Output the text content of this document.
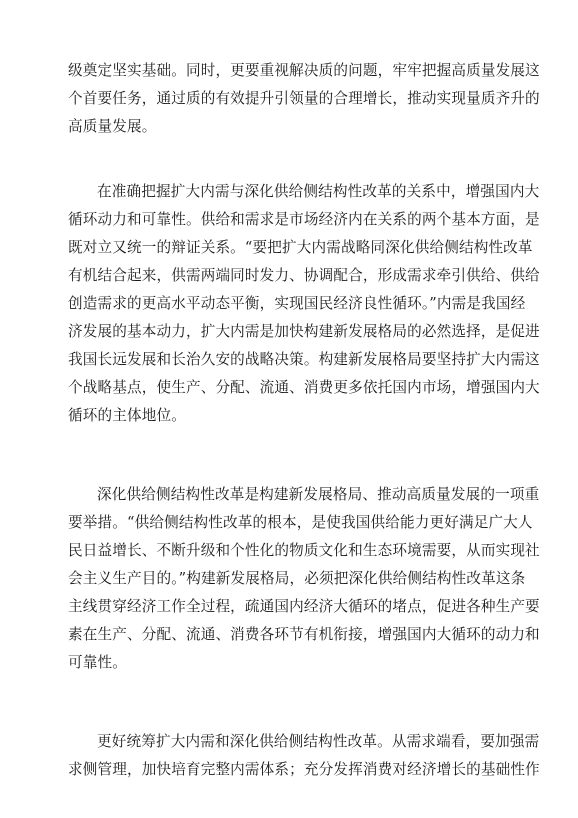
级奠定坚实基础。同时，更要重视解决质的问题，牢牢把握高质量发展这
个首要任务，通过质的有效提升引领量的合理增长，推动实现量质齐升的
高质量发展。
在准确把握扩大内需与深化供给侧结构性改革的关系中，增强国内大
循环动力和可靠性。供给和需求是市场经济内在关系的两个基本方面，是
既对立又统一的辩证关系。“要把扩大内需战略同深化供给侧结构性改革
有机结合起来，供需两端同时发力、协调配合，形成需求牵引供给、供给
创造需求的更高水平动态平衡，实现国民经济良性循环。”内需是我国经
济发展的基本动力，扩大内需是加快构建新发展格局的必然选择，是促进
我国长远发展和长治久安的战略决策。构建新发展格局要坚持扩大内需这
个战略基点，使生产、分配、流通、消费更多依托国内市场，增强国内大
循环的主体地位。
深化供给侧结构性改革是构建新发展格局、推动高质量发展的一项重
要举措。“供给侧结构性改革的根本，是使我国供给能力更好满足广大人
民日益增长、不断升级和个性化的物质文化和生态环境需要，从而实现社
会主义生产目的。”构建新发展格局，必须把深化供给侧结构性改革这条
主线贯穿经济工作全过程，疏通国内经济大循环的堵点，促进各种生产要
素在生产、分配、流通、消费各环节有机衔接，增强国内大循环的动力和
可靠性。
更好统筹扩大内需和深化供给侧结构性改革。从需求端看，要加强需
求侧管理，加快培育完整内需体系；充分发挥消费对经济增长的基础性作
